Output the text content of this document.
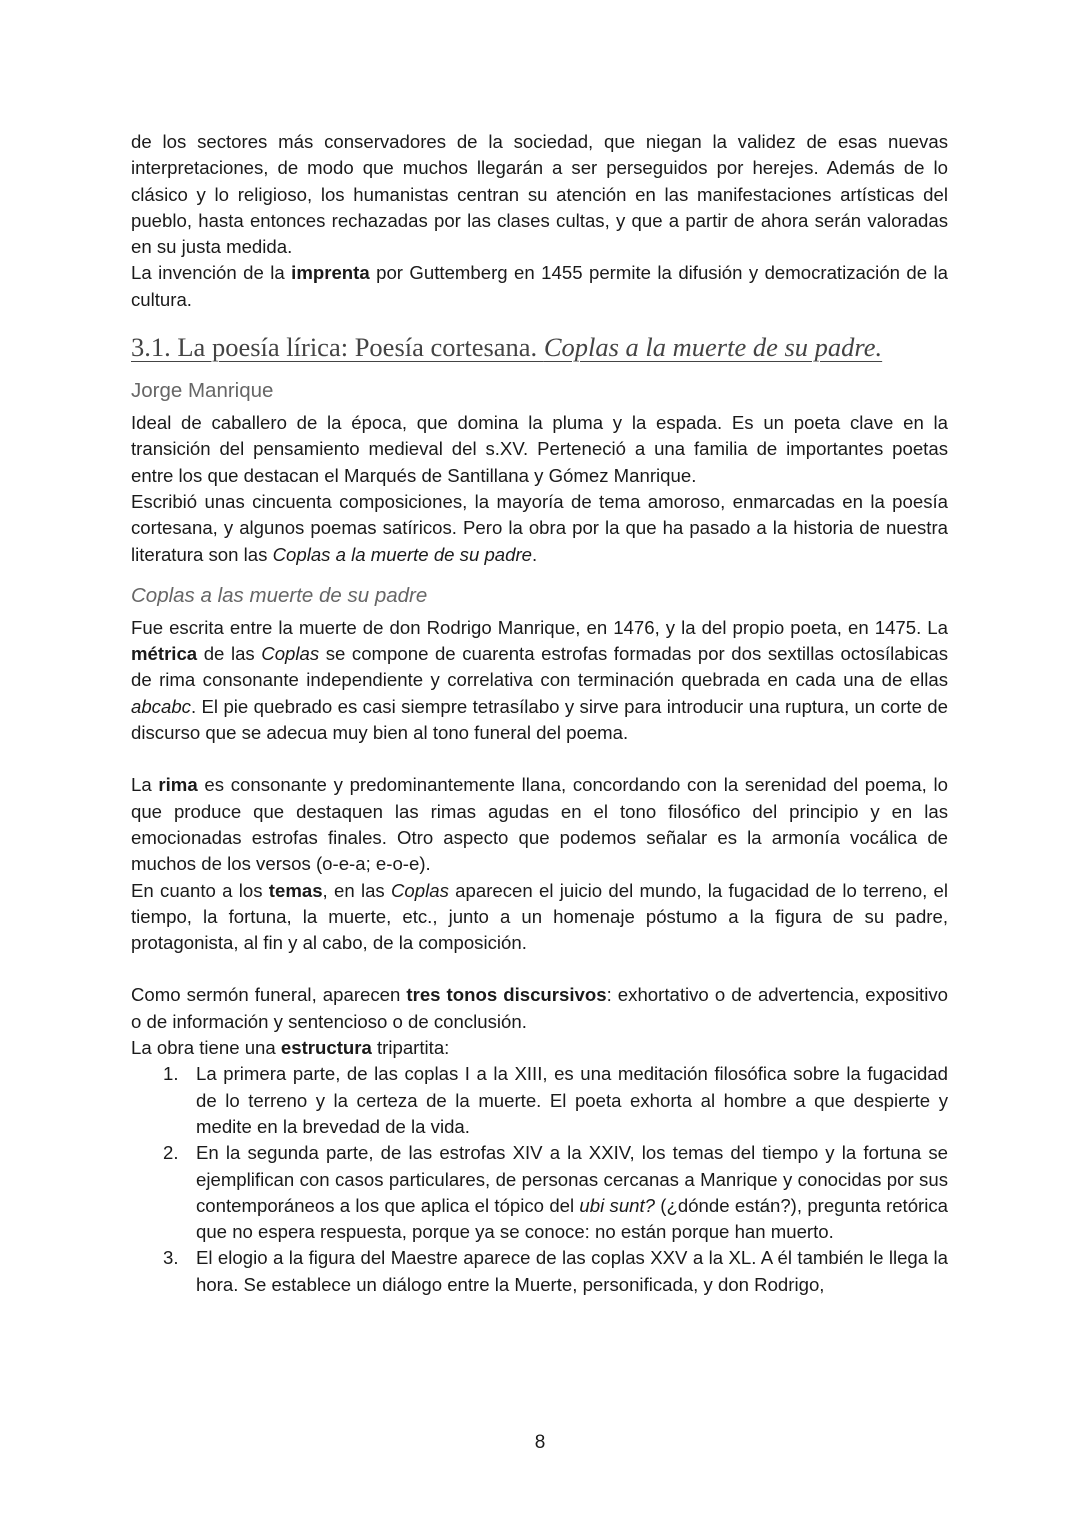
de los sectores más conservadores de la sociedad, que niegan la validez de esas nuevas interpretaciones, de modo que muchos llegarán a ser perseguidos por herejes. Además de lo clásico y lo religioso, los humanistas centran su atención en las manifestaciones artísticas del pueblo, hasta entonces rechazadas por las clases cultas, y que a partir de ahora serán valoradas en su justa medida.

La invención de la imprenta por Guttemberg en 1455 permite la difusión y democratización de la cultura.

3.1. La poesía lírica: Poesía cortesana. Coplas a la muerte de su padre.
Jorge Manrique

Ideal de caballero de la época, que domina la pluma y la espada. Es un poeta clave en la transición del pensamiento medieval del s.XV. Perteneció a una familia de importantes poetas entre los que destacan el Marqués de Santillana y Gómez Manrique.

Escribió unas cincuenta composiciones, la mayoría de tema amoroso, enmarcadas en la poesía cortesana, y algunos poemas satíricos. Pero la obra por la que ha pasado a la historia de nuestra literatura son las Coplas a la muerte de su padre.

Coplas a las muerte de su padre

Fue escrita entre la muerte de don Rodrigo Manrique, en 1476, y la del propio poeta, en 1475. La métrica de las Coplas se compone de cuarenta estrofas formadas por dos sextillas octosílabicas de rima consonante independiente y correlativa con terminación quebrada en cada una de ellas abcabc. El pie quebrado es casi siempre tetrasílabo y sirve para introducir una ruptura, un corte de discurso que se adecua muy bien al tono funeral del poema.

La rima es consonante y predominantemente llana, concordando con la serenidad del poema, lo que produce que destaquen las rimas agudas en el tono filosófico del principio y en las emocionadas estrofas finales. Otro aspecto que podemos señalar es la armonía vocálica de muchos de los versos (o-e-a; e-o-e).

En cuanto a los temas, en las Coplas aparecen el juicio del mundo, la fugacidad de lo terreno, el tiempo, la fortuna, la muerte, etc., junto a un homenaje póstumo a la figura de su padre, protagonista, al fin y al cabo, de la composición.

Como sermón funeral, aparecen tres tonos discursivos: exhortativo o de advertencia, expositivo o de información y sentencioso o de conclusión.

La obra tiene una estructura tripartita:

1. La primera parte, de las coplas I a la XIII, es una meditación filosófica sobre la fugacidad de lo terreno y la certeza de la muerte. El poeta exhorta al hombre a que despierte y medite en la brevedad de la vida.
2. En la segunda parte, de las estrofas XIV a la XXIV, los temas del tiempo y la fortuna se ejemplifican con casos particulares, de personas cercanas a Manrique y conocidas por sus contemporáneos a los que aplica el tópico del ubi sunt? (¿dónde están?), pregunta retórica que no espera respuesta, porque ya se conoce: no están porque han muerto.
3. El elogio a la figura del Maestre aparece de las coplas XXV a la XL. A él también le llega la hora. Se establece un diálogo entre la Muerte, personificada, y don Rodrigo,
8
